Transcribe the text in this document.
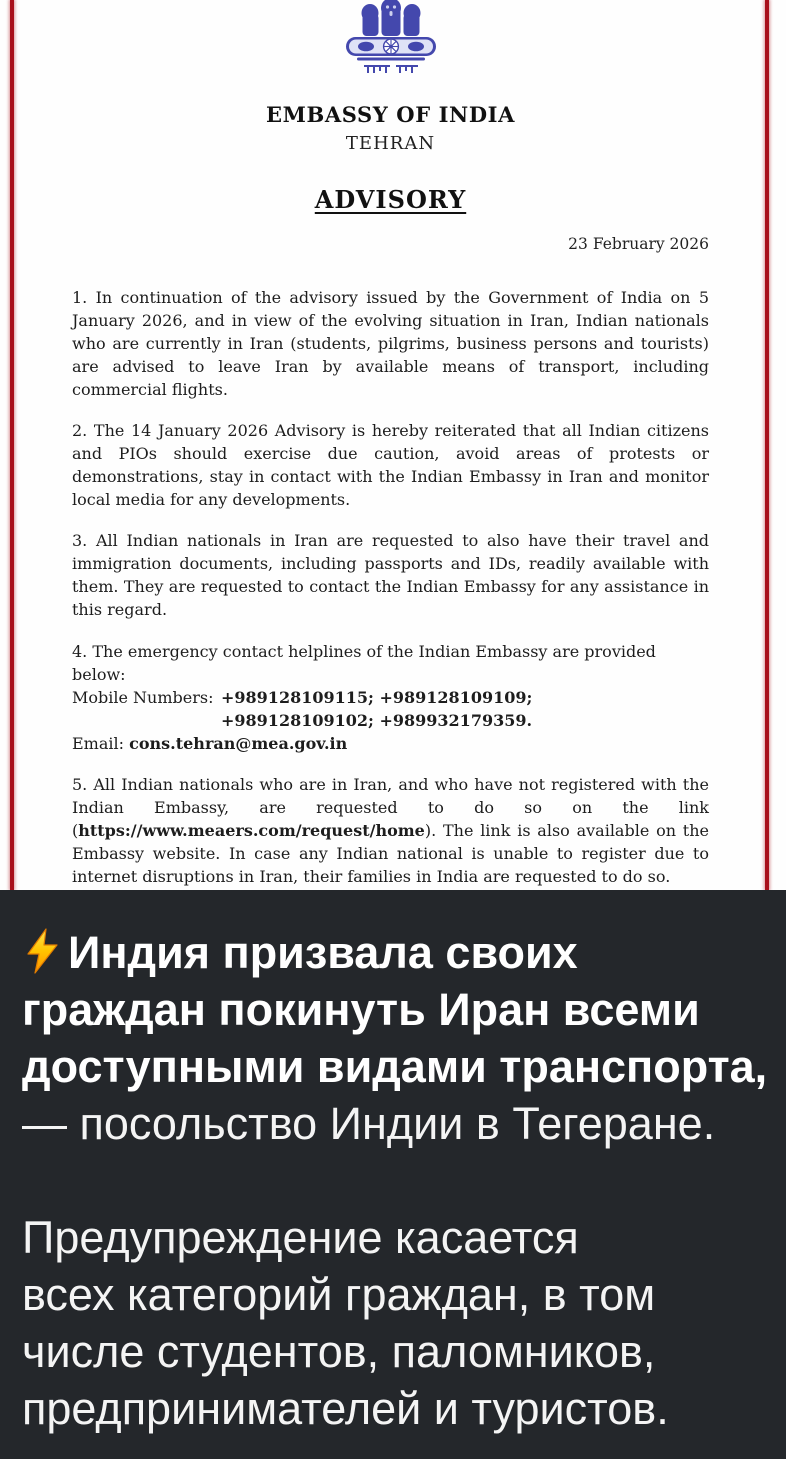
EMBASSY OF INDIA
TEHRAN
ADVISORY
23 February 2026

1. In continuation of the advisory issued by the Government of India on 5 January 2026, and in view of the evolving situation in Iran, Indian nationals who are currently in Iran (students, pilgrims, business persons and tourists) are advised to leave Iran by available means of transport, including commercial flights.

2. The 14 January 2026 Advisory is hereby reiterated that all Indian citizens and PIOs should exercise due caution, avoid areas of protests or demonstrations, stay in contact with the Indian Embassy in Iran and monitor local media for any developments.

3. All Indian nationals in Iran are requested to also have their travel and immigration documents, including passports and IDs, readily available with them. They are requested to contact the Indian Embassy for any assistance in this regard.

4. The emergency contact helplines of the Indian Embassy are provided below:
Mobile Numbers: +989128109115; +989128109109;
+989128109102; +989932179359.
Email: cons.tehran@mea.gov.in

5. All Indian nationals who are in Iran, and who have not registered with the Indian Embassy, are requested to do so on the link (https://www.meaers.com/request/home). The link is also available on the Embassy website. In case any Indian national is unable to register due to internet disruptions in Iran, their families in India are requested to do so.

Индия призвала своих
граждан покинуть Иран всеми
доступными видами транспорта,
— посольство Индии в Тегеране.
Предупреждение касается
всех категорий граждан, в том
числе студентов, паломников,
предпринимателей и туристов.
